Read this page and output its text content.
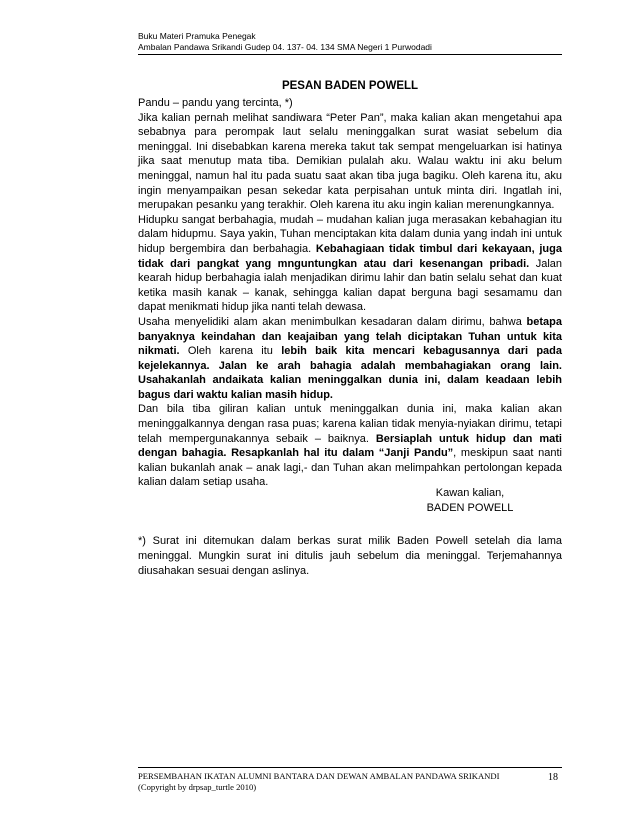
Buku Materi Pramuka Penegak
Ambalan Pandawa Srikandi Gudep 04. 137- 04. 134 SMA Negeri 1 Purwodadi
PESAN BADEN POWELL

Pandu – pandu yang tercinta, *)

Jika kalian pernah melihat sandiwara “Peter Pan”, maka kalian akan mengetahui apa sebabnya para perompak laut selalu meninggalkan surat wasiat sebelum dia meninggal. Ini disebabkan karena mereka takut tak sempat mengeluarkan isi hatinya jika saat menutup mata tiba. Demikian pulalah aku. Walau waktu ini aku belum meninggal, namun hal itu pada suatu saat akan tiba juga bagiku. Oleh karena itu, aku ingin menyampaikan pesan sekedar kata perpisahan untuk minta diri. Ingatlah ini, merupakan pesanku yang terakhir. Oleh karena itu aku ingin kalian merenungkannya.

Hidupku sangat berbahagia, mudah – mudahan kalian juga merasakan kebahagian itu dalam hidupmu. Saya yakin, Tuhan menciptakan kita dalam dunia yang indah ini untuk hidup bergembira dan berbahagia. Kebahagiaan tidak timbul dari kekayaan, juga tidak dari pangkat yang mnguntungkan atau dari kesenangan pribadi. Jalan kearah hidup berbahagia ialah menjadikan dirimu lahir dan batin selalu sehat dan kuat ketika masih kanak – kanak, sehingga kalian dapat berguna bagi sesamamu dan dapat menikmati hidup jika nanti telah dewasa.

Usaha menyelidiki alam akan menimbulkan kesadaran dalam dirimu, bahwa betapa banyaknya keindahan dan keajaiban yang telah diciptakan Tuhan untuk kita nikmati. Oleh karena itu lebih baik kita mencari kebagusannya dari pada kejelekannya. Jalan ke arah bahagia adalah membahagiakan orang lain. Usahakanlah andaikata kalian meninggalkan dunia ini, dalam keadaan lebih bagus dari waktu kalian masih hidup.

Dan bila tiba giliran kalian untuk meninggalkan dunia ini, maka kalian akan meninggalkannya dengan rasa puas; karena kalian tidak menyia-nyiakan dirimu, tetapi telah mempergunakannya sebaik – baiknya. Bersiaplah untuk hidup dan mati dengan bahagia. Resapkanlah hal itu dalam “Janji Pandu”, meskipun saat nanti kalian bukanlah anak – anak lagi,- dan Tuhan akan melimpahkan pertolongan kepada kalian dalam setiap usaha.

Kawan kalian,
BADEN POWELL
*) Surat ini ditemukan dalam berkas surat milik Baden Powell setelah dia lama meninggal. Mungkin surat ini ditulis jauh sebelum dia meninggal. Terjemahannya diusahakan sesuai dengan aslinya.
PERSEMBAHAN IKATAN ALUMNI BANTARA DAN DEWAN AMBALAN PANDAWA SRIKANDI
(Copyright by drpsap_turtle 2010)
18
